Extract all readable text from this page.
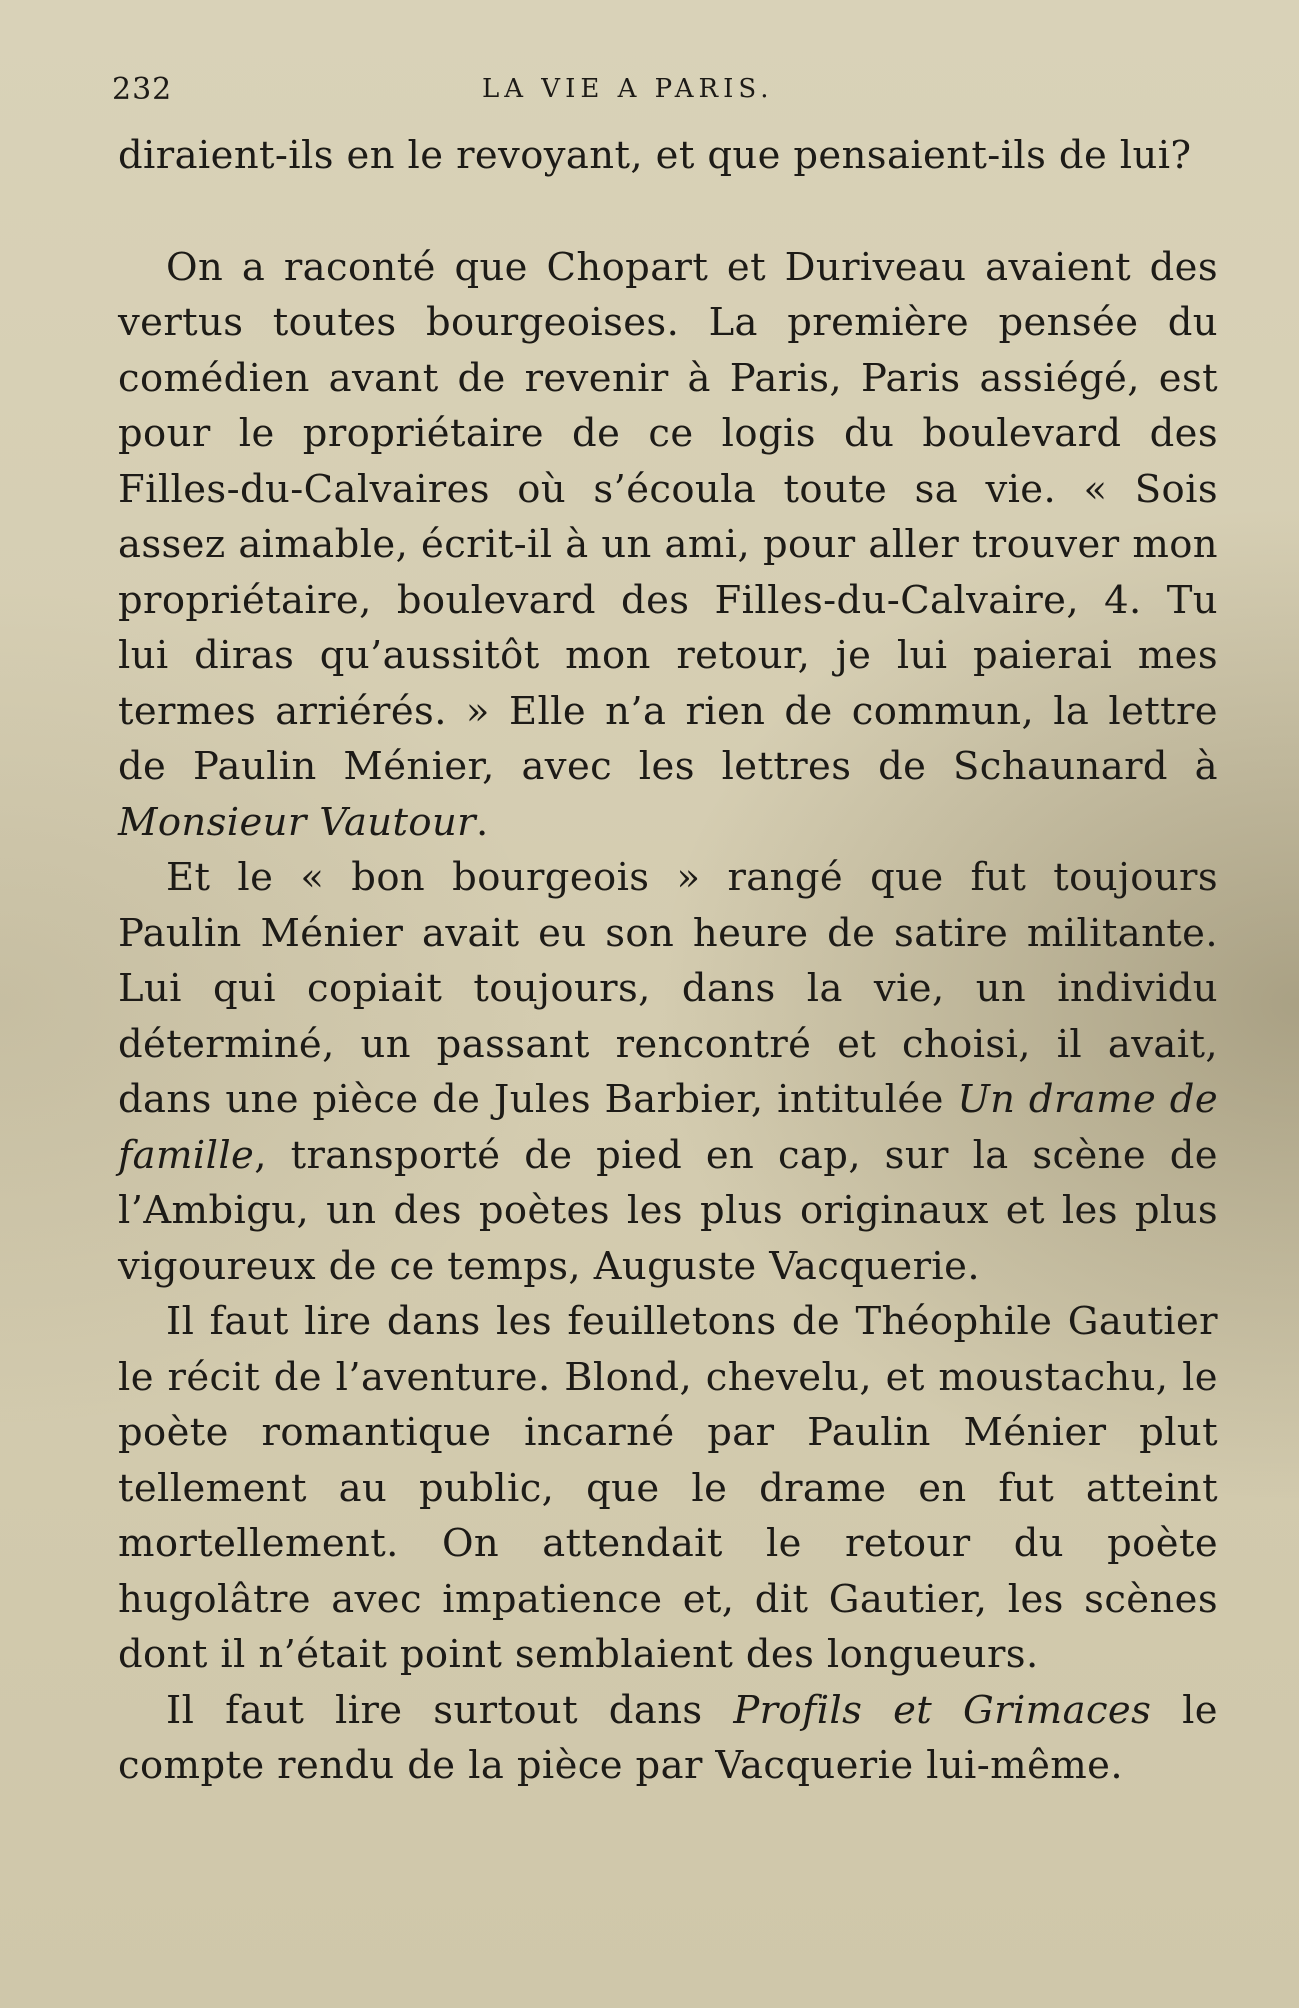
232	LA VIE A PARIS.

diraient-ils en le revoyant, et que pensaient-ils de lui?

On a raconté que Chopart et Duriveau avaient des vertus toutes bourgeoises. La première pensée du comédien avant de revenir à Paris, Paris assiégé, est pour le propriétaire de ce logis du boulevard des Filles-du-Calvaires où s’écoula toute sa vie. « Sois assez aimable, écrit-il à un ami, pour aller trouver mon propriétaire, boulevard des Filles-du-Calvaire, 4. Tu lui diras qu’aussitôt mon retour, je lui paierai mes termes arriérés. » Elle n’a rien de commun, la lettre de Paulin Ménier, avec les lettres de Schaunard à Monsieur Vautour.

Et le « bon bourgeois » rangé que fut toujours Paulin Ménier avait eu son heure de satire militante. Lui qui copiait toujours, dans la vie, un individu déterminé, un passant rencontré et choisi, il avait, dans une pièce de Jules Barbier, intitulée Un drame de famille, transporté de pied en cap, sur la scène de l’Ambigu, un des poètes les plus originaux et les plus vigoureux de ce temps, Auguste Vacquerie.

Il faut lire dans les feuilletons de Théophile Gautier le récit de l’aventure. Blond, chevelu, et moustachu, le poète romantique incarné par Paulin Ménier plut tellement au public, que le drame en fut atteint mortellement. On attendait le retour du poète hugolâtre avec impatience et, dit Gautier, les scènes dont il n’était point semblaient des longueurs.

Il faut lire surtout dans Profils et Grimaces le compte rendu de la pièce par Vacquerie lui-même.
